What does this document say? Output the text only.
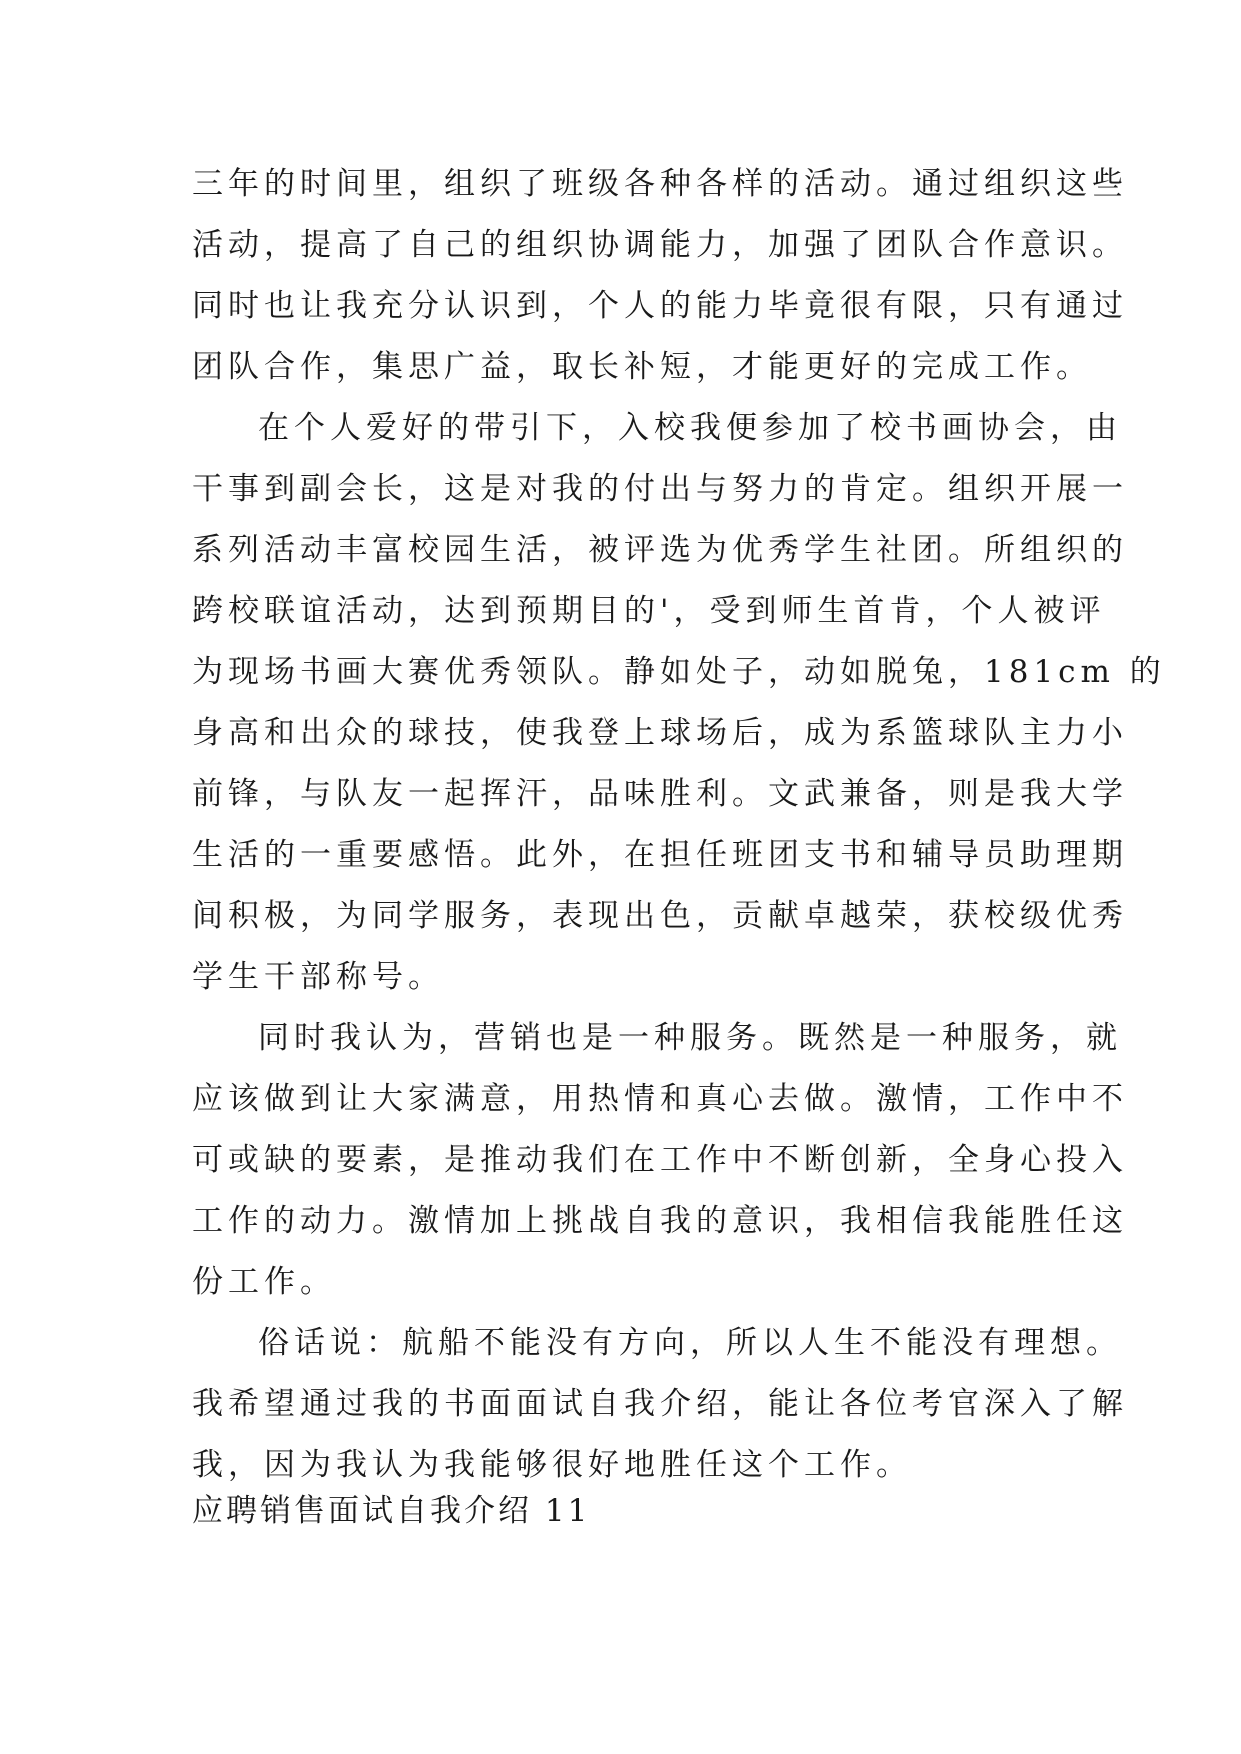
三年的时间里，组织了班级各种各样的活动。通过组织这些
活动，提高了自己的组织协调能力，加强了团队合作意识。
同时也让我充分认识到，个人的能力毕竟很有限，只有通过
团队合作，集思广益，取长补短，才能更好的完成工作。
在个人爱好的带引下，入校我便参加了校书画协会，由
干事到副会长，这是对我的付出与努力的肯定。组织开展一
系列活动丰富校园生活，被评选为优秀学生社团。所组织的
跨校联谊活动，达到预期目的'，受到师生首肯，个人被评
为现场书画大赛优秀领队。静如处子，动如脱兔，181cm 的
身高和出众的球技，使我登上球场后，成为系篮球队主力小
前锋，与队友一起挥汗，品味胜利。文武兼备，则是我大学
生活的一重要感悟。此外，在担任班团支书和辅导员助理期
间积极，为同学服务，表现出色，贡献卓越荣，获校级优秀
学生干部称号。
同时我认为，营销也是一种服务。既然是一种服务，就
应该做到让大家满意，用热情和真心去做。激情，工作中不
可或缺的要素，是推动我们在工作中不断创新，全身心投入
工作的动力。激情加上挑战自我的意识，我相信我能胜任这
份工作。
俗话说：航船不能没有方向，所以人生不能没有理想。
我希望通过我的书面面试自我介绍，能让各位考官深入了解
我，因为我认为我能够很好地胜任这个工作。
应聘销售面试自我介绍 11
